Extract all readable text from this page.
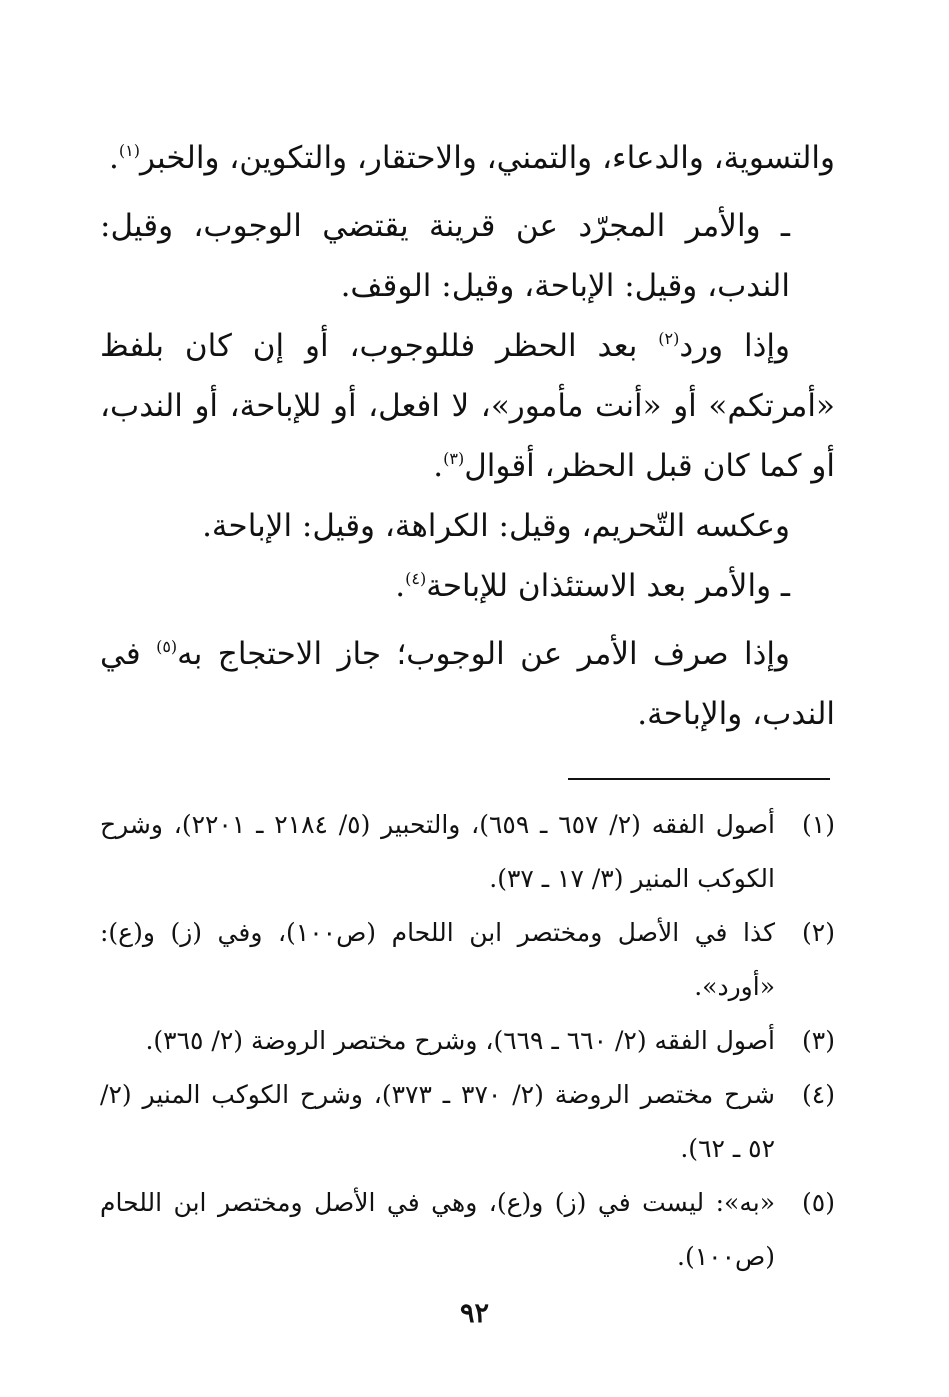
والتسوية، والدعاء، والتمني، والاحتقار، والتكوين، والخبر$^{(١)}$.

ـ والأمر المجرّد عن قرينة يقتضي الوجوب، وقيل: الندب، وقيل: الإباحة، وقيل: الوقف.

وإذا ورد$^{(٢)}$ بعد الحظر فللوجوب، أو إن كان بلفظ «أمرتكم» أو «أنت مأمور»، لا افعل، أو للإباحة، أو الندب، أو كما كان قبل الحظر، أقوال$^{(٣)}$.

وعكسه التّحريم، وقيل: الكراهة، وقيل: الإباحة.

ـ والأمر بعد الاستئذان للإباحة$^{(٤)}$.

وإذا صرف الأمر عن الوجوب؛ جاز الاحتجاج به$^{(٥)}$ في الندب، والإباحة.

(١)
أصول الفقه (٢/ ٦٥٧ ـ ٦٥٩)، والتحبير (٥/ ٢١٨٤ ـ ٢٢٠١)، وشرح الكوكب المنير (٣/ ١٧ ـ ٣٧).
(٢)
كذا في الأصل ومختصر ابن اللحام (ص١٠٠)، وفي (ز) و(ع): «أورد».
(٣)
أصول الفقه (٢/ ٦٦٠ ـ ٦٦٩)، وشرح مختصر الروضة (٢/ ٣٦٥).
(٤)
شرح مختصر الروضة (٢/ ٣٧٠ ـ ٣٧٣)، وشرح الكوكب المنير (٢/ ٥٢ ـ ٦٢).
(٥)
«به»: ليست في (ز) و(ع)، وهي في الأصل ومختصر ابن اللحام (ص١٠٠).
٩٢
